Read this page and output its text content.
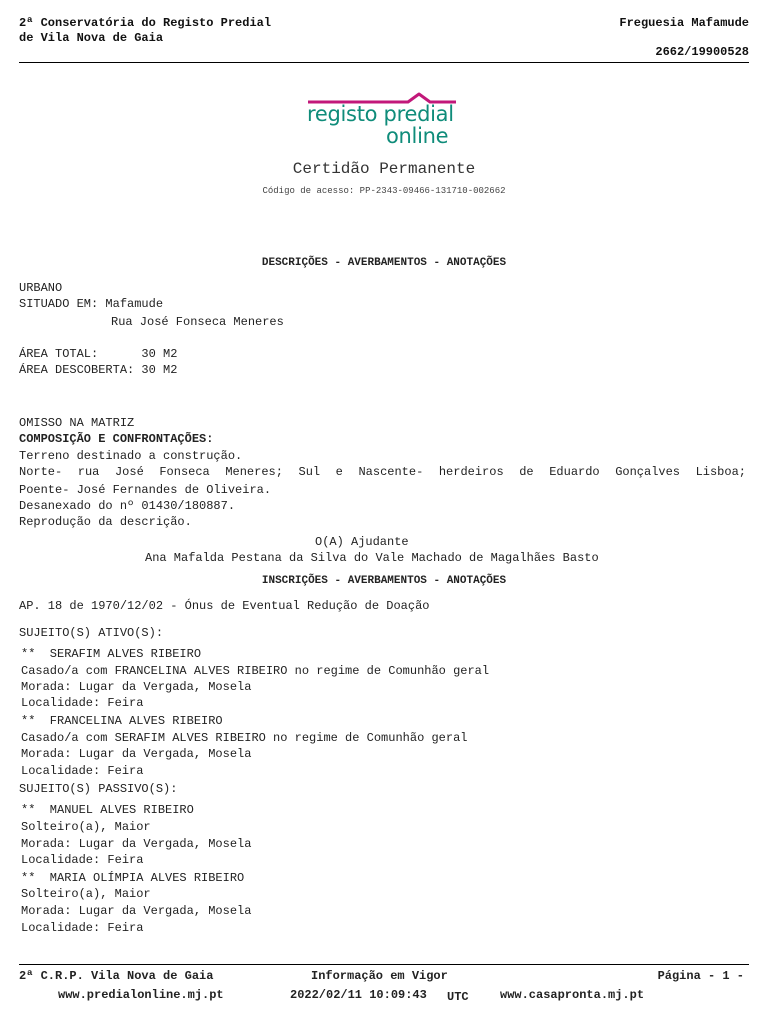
2ª Conservatória do Registo Predial
de Vila Nova de Gaia
Freguesia Mafamude
2662/19900528
registo predial
online
Certidão Permanente
Código de acesso: PP-2343-09466-131710-002662
DESCRIÇÕES - AVERBAMENTOS - ANOTAÇÕES
URBANO
SITUADO EM: Mafamude
Rua José Fonseca Meneres
ÁREA TOTAL:      30 M2
ÁREA DESCOBERTA: 30 M2
OMISSO NA MATRIZ
COMPOSIÇÃO E CONFRONTAÇÕES:
Terreno destinado a construção.
Norte- rua José Fonseca Meneres; Sul e Nascente- herdeiros de Eduardo Gonçalves Lisboa;
Poente- José Fernandes de Oliveira.
Desanexado do nº 01430/180887.
Reprodução da descrição.
O(A) Ajudante
Ana Mafalda Pestana da Silva do Vale Machado de Magalhães Basto
INSCRIÇÕES - AVERBAMENTOS - ANOTAÇÕES
AP. 18 de 1970/12/02 - Ónus de Eventual Redução de Doação
SUJEITO(S) ATIVO(S):
**  SERAFIM ALVES RIBEIRO
Casado/a com FRANCELINA ALVES RIBEIRO no regime de Comunhão geral
Morada: Lugar da Vergada, Mosela
Localidade: Feira
**  FRANCELINA ALVES RIBEIRO
Casado/a com SERAFIM ALVES RIBEIRO no regime de Comunhão geral
Morada: Lugar da Vergada, Mosela
Localidade: Feira
SUJEITO(S) PASSIVO(S):
**  MANUEL ALVES RIBEIRO
Solteiro(a), Maior
Morada: Lugar da Vergada, Mosela
Localidade: Feira
**  MARIA OLÍMPIA ALVES RIBEIRO
Solteiro(a), Maior
Morada: Lugar da Vergada, Mosela
Localidade: Feira
2ª C.R.P. Vila Nova de Gaia	Informação em Vigor	Página - 1 -
www.predialonline.mj.pt	2022/02/11 10:09:43 UTC	www.casapronta.mj.pt
